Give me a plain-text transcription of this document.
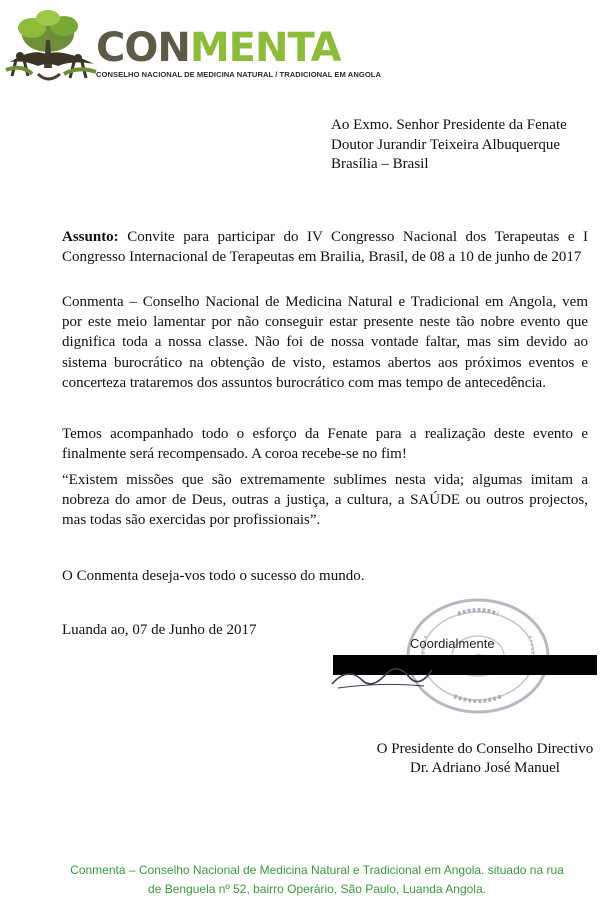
CONMENTA
CONSELHO NACIONAL DE MEDICINA NATURAL / TRADICIONAL EM ANGOLA
Ao Exmo. Senhor Presidente da Fenate
Doutor Jurandir Teixeira Albuquerque
Brasília – Brasil
Assunto: Convite para participar do IV Congresso Nacional dos Terapeutas e I Congresso Internacional de Terapeutas em Brailia, Brasil, de 08 a 10 de junho de 2017
Conmenta – Conselho Nacional de Medicina Natural e Tradicional em Angola, vem por este meio lamentar por não conseguir estar presente neste tão nobre evento que dignifica toda a nossa classe. Não foi de nossa vontade faltar, mas sim devido ao sistema burocrático na obtenção de visto, estamos abertos aos próximos eventos e concerteza trataremos dos assuntos burocrático com mas tempo de antecedência.
Temos acompanhado todo o esforço da Fenate para a realização deste evento e finalmente será recompensado. A coroa recebe-se no fim!
“Existem missões que são extremamente sublimes nesta vida; algumas imitam a nobreza do amor de Deus, outras a justiça, a cultura, a SAÚDE ou outros projectos, mas todas são exercidas por profissionais”.
O Conmenta deseja-vos todo o sucesso do mundo.
Luanda ao, 07 de Junho de 2017
Coordialmente
O Presidente do Conselho Directivo
Dr. Adriano José Manuel
Conmenta – Conselho Nacional de Medicina Natural e Tradicional em Angola. situado na rua
de Benguela nº 52, bairro Operário, São Paulo, Luanda Angola.
